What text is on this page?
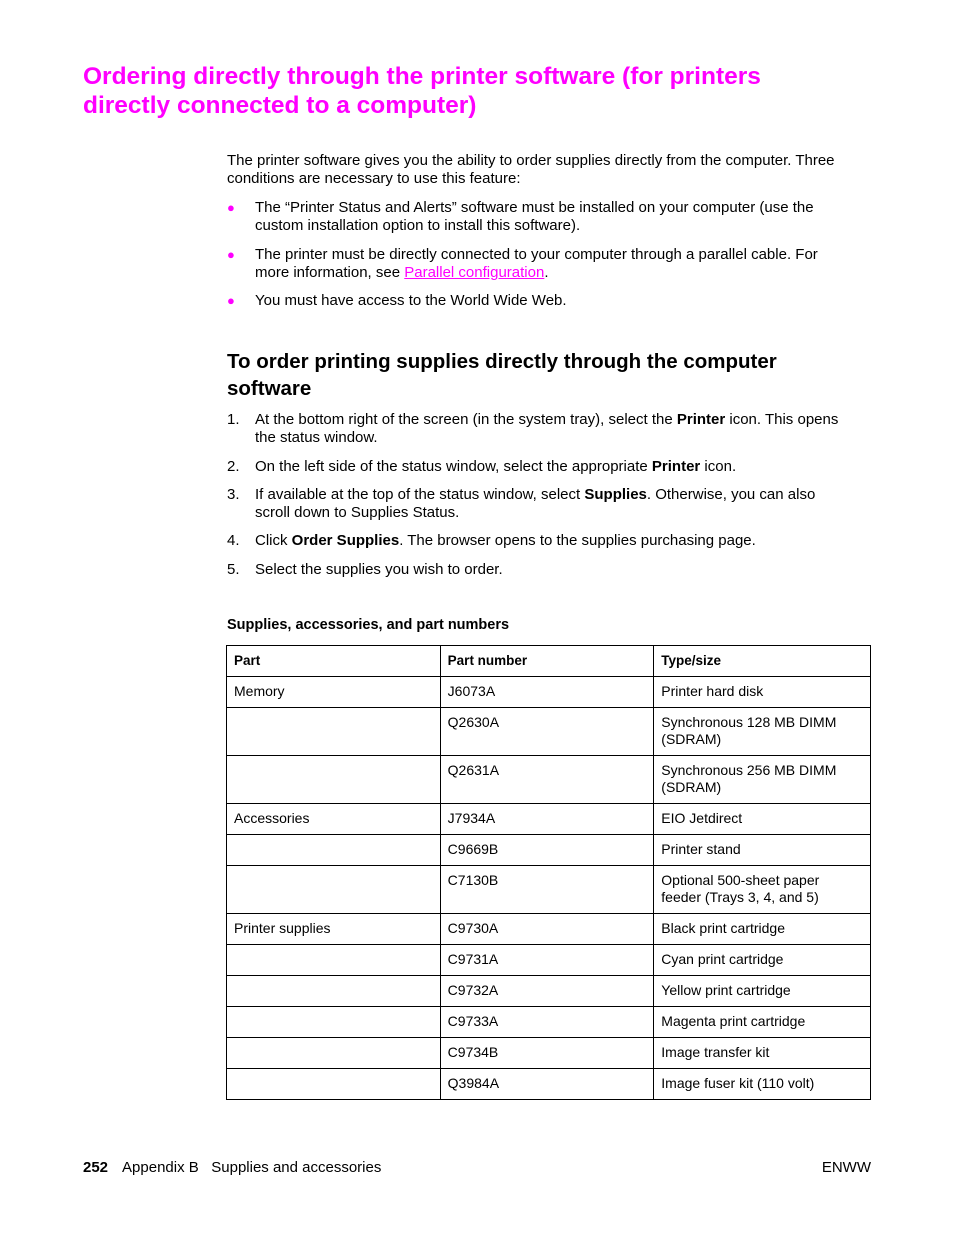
Ordering directly through the printer software (for printers
directly connected to a computer)
The printer software gives you the ability to order supplies directly from the computer. Three
conditions are necessary to use this feature:
● The “Printer Status and Alerts” software must be installed on your computer (use the
custom installation option to install this software).
● The printer must be directly connected to your computer through a parallel cable. For
more information, see Parallel configuration.
● You must have access to the World Wide Web.
To order printing supplies directly through the computer
software
1. At the bottom right of the screen (in the system tray), select the Printer icon. This opens
the status window.
2. On the left side of the status window, select the appropriate Printer icon.
3. If available at the top of the status window, select Supplies. Otherwise, you can also
scroll down to Supplies Status.
4. Click Order Supplies. The browser opens to the supplies purchasing page.
5. Select the supplies you wish to order.
Supplies, accessories, and part numbers
Part	Part number	Type/size

Memory	J6073A	Printer hard disk

	Q2630A	Synchronous 128 MB DIMM
(SDRAM)

	Q2631A	Synchronous 256 MB DIMM
(SDRAM)

Accessories	J7934A	EIO Jetdirect

	C9669B	Printer stand

	C7130B	Optional 500-sheet paper
feeder (Trays 3, 4, and 5)

Printer supplies	C9730A	Black print cartridge

	C9731A	Cyan print cartridge

	C9732A	Yellow print cartridge

	C9733A	Magenta print cartridge

	C9734B	Image transfer kit

	Q3984A	Image fuser kit (110 volt)
252 Appendix B   Supplies and accessories	ENWW
